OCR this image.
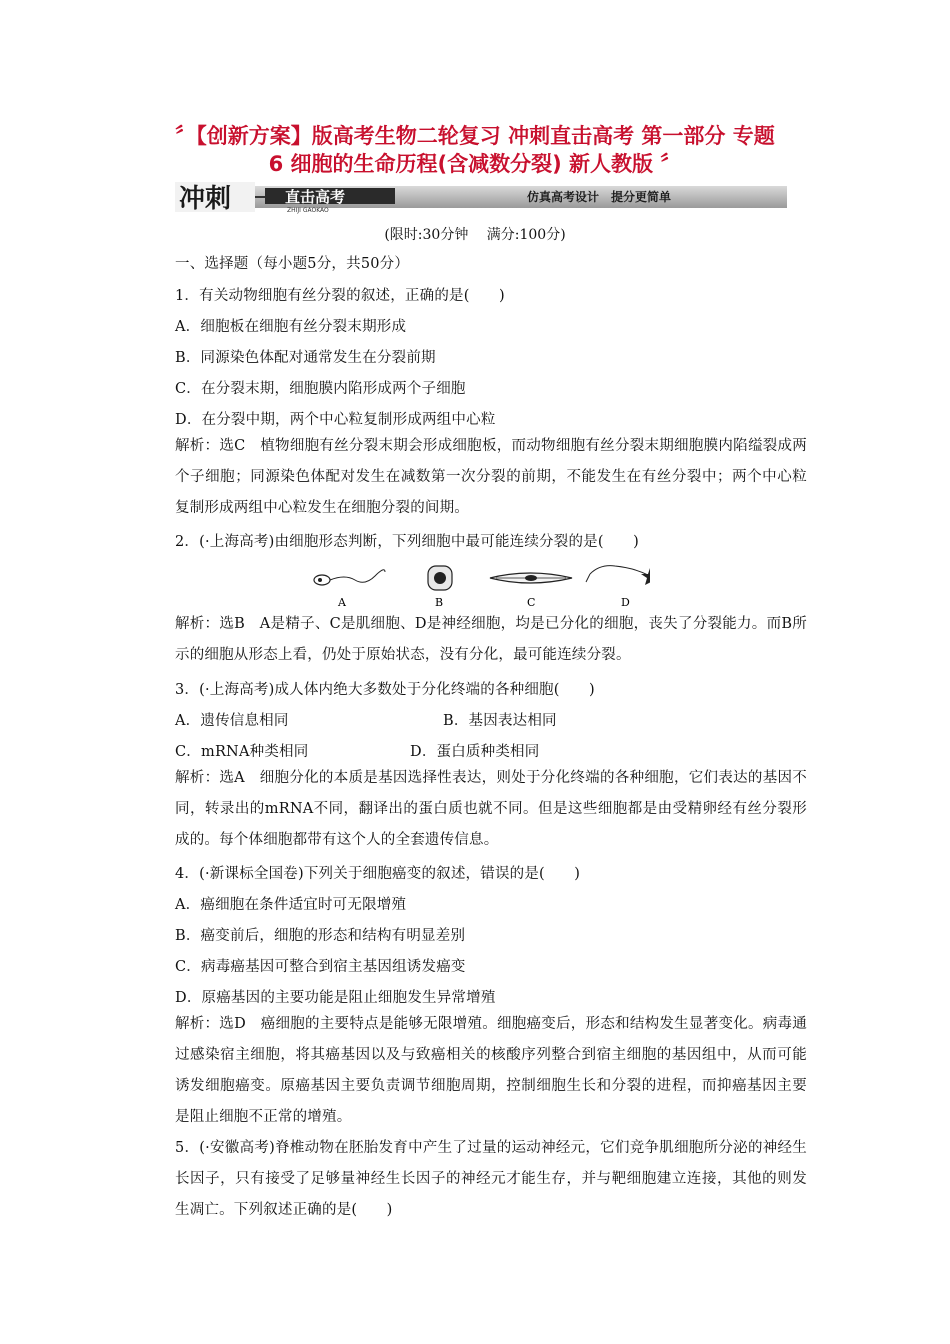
〞【创新方案】版高考生物二轮复习 冲刺直击高考 第一部分 专题
6 细胞的生命历程(含减数分裂) 新人教版 〞
冲刺	直击高考
ZHIJI GAOKAO
仿真高考设计　提分更简单
(限时:30分钟　 满分:100分)
一、选择题（每小题5分，共50分）
1．有关动物细胞有丝分裂的叙述，正确的是(　　)
A．细胞板在细胞有丝分裂末期形成
B．同源染色体配对通常发生在分裂前期
C．在分裂末期，细胞膜内陷形成两个子细胞
D．在分裂中期，两个中心粒复制形成两组中心粒
解析：选C　植物细胞有丝分裂末期会形成细胞板，而动物细胞有丝分裂末期细胞膜内陷缢裂成两个子细胞；同源染色体配对发生在减数第一次分裂的前期，不能发生在有丝分裂中；两个中心粒复制形成两组中心粒发生在细胞分裂的间期。
2．(·上海高考)由细胞形态判断，下列细胞中最可能连续分裂的是(　　)
A	B	C	D
解析：选B　A是精子、C是肌细胞、D是神经细胞，均是已分化的细胞，丧失了分裂能力。而B所示的细胞从形态上看，仍处于原始状态，没有分化，最可能连续分裂。
3．(·上海高考)成人体内绝大多数处于分化终端的各种细胞(　　)
A．遗传信息相同	B．基因表达相同
C．mRNA种类相同	D．蛋白质种类相同
解析：选A　细胞分化的本质是基因选择性表达，则处于分化终端的各种细胞，它们表达的基因不同，转录出的mRNA不同，翻译出的蛋白质也就不同。但是这些细胞都是由受精卵经有丝分裂形成的。每个体细胞都带有这个人的全套遗传信息。
4．(·新课标全国卷)下列关于细胞癌变的叙述，错误的是(　　)
A．癌细胞在条件适宜时可无限增殖
B．癌变前后，细胞的形态和结构有明显差别
C．病毒癌基因可整合到宿主基因组诱发癌变
D．原癌基因的主要功能是阻止细胞发生异常增殖
解析：选D　癌细胞的主要特点是能够无限增殖。细胞癌变后，形态和结构发生显著变化。病毒通过感染宿主细胞，将其癌基因以及与致癌相关的核酸序列整合到宿主细胞的基因组中，从而可能诱发细胞癌变。原癌基因主要负责调节细胞周期，控制细胞生长和分裂的进程，而抑癌基因主要是阻止细胞不正常的增殖。
5．(·安徽高考)脊椎动物在胚胎发育中产生了过量的运动神经元，它们竞争肌细胞所分泌的神经生长因子，只有接受了足够量神经生长因子的神经元才能生存，并与靶细胞建立连接，其他的则发生凋亡。下列叙述正确的是(　　)
